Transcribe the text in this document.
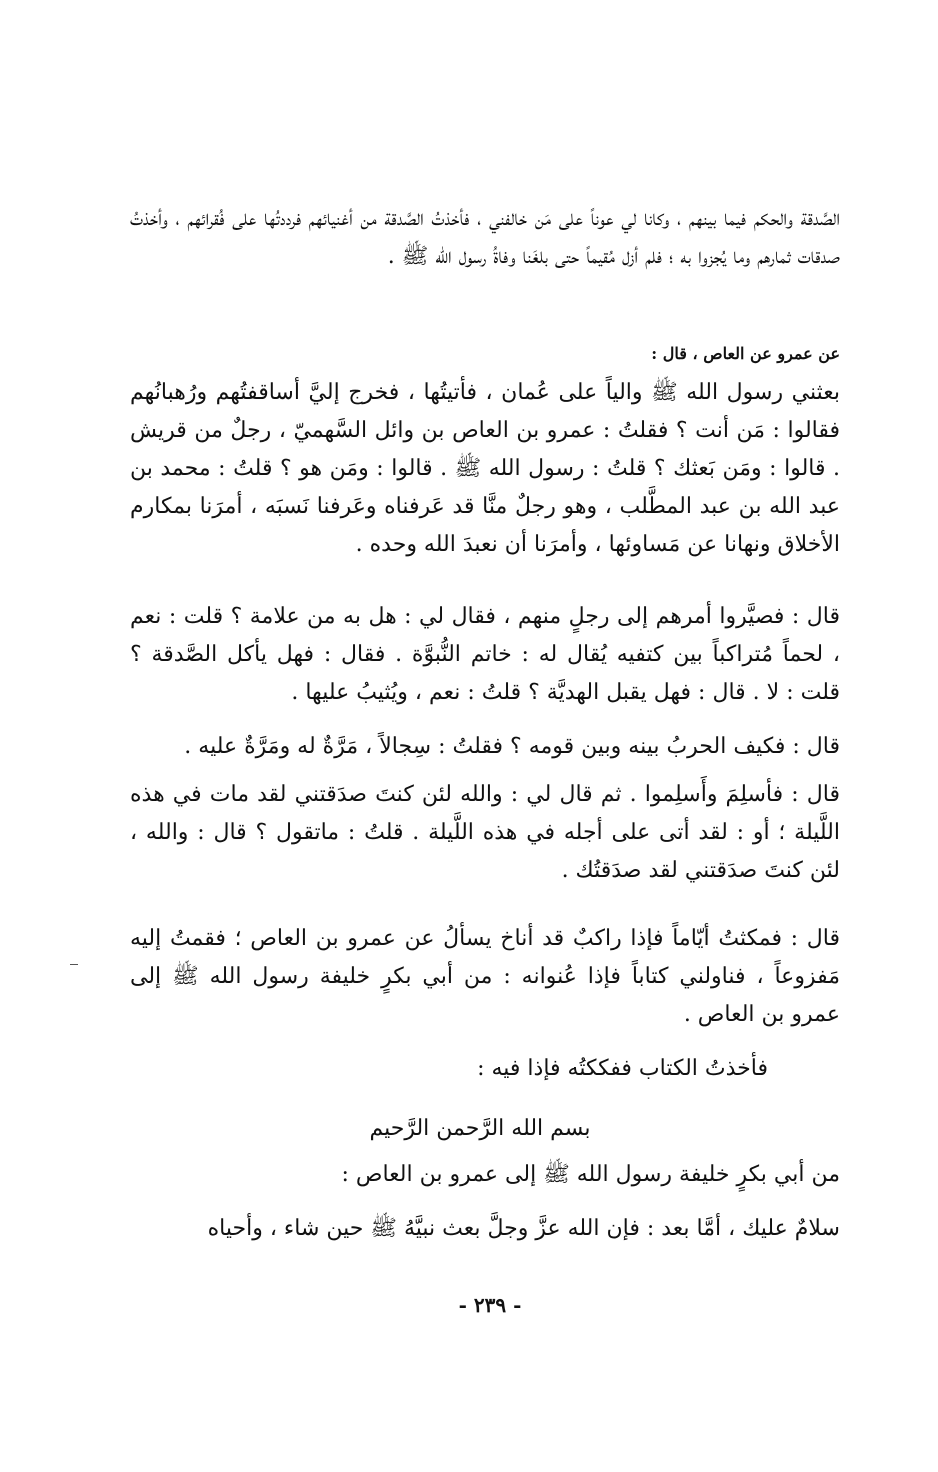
الصَّدقة والحكم فيما بينهم ، وكانا لي عوناً على مَن خالفني ، فأخذتُ الصَّدقة من أغنيائهم فرددتُها على فُقرائهم ، وأخذتُ صدقات ثمارهم وما يُجزوا به ؛ فلم أزل مُقيماً حتى بلغَنا وفاةُ رسول الله ﷺ .
عن عمرو عن العاص ، قال :
بعثني رسول الله ﷺ والياً على عُمان ، فأتيتُها ، فخرج إليَّ أساقفتُهم ورُهبانُهم فقالوا : مَن أنت ؟ فقلتُ : عمرو بن العاص بن وائل السَّهميّ ، رجلٌ من قريش . قالوا : ومَن بَعثك ؟ قلتُ : رسول الله ﷺ . قالوا : ومَن هو ؟ قلتُ : محمد بن عبد الله بن عبد المطَّلب ، وهو رجلٌ منَّا قد عَرفناه وعَرفنا نَسبَه ، أمرَنا بمكارم الأخلاق ونهانا عن مَساوئها ، وأمرَنا أن نعبدَ الله وحده .
قال : فصيَّروا أمرهم إلى رجلٍ منهم ، فقال لي : هل به من علامة ؟ قلت : نعم ، لحماً مُتراكباً بين كتفيه يُقال له : خاتم النُّبوَّة . فقال : فهل يأكل الصَّدقة ؟ قلت : لا . قال : فهل يقبل الهديَّة ؟ قلتُ : نعم ، ويُثيبُ عليها .
قال : فكيف الحربُ بينه وبين قومه ؟ فقلتُ : سِجالاً ، مَرَّةٌ له ومَرَّةٌ عليه .
قال : فأسلِمَ وأَسلِموا . ثم قال لي : والله لئن كنتَ صدَقتني لقد مات في هذه اللَّيلة ؛ أو : لقد أتى على أجله في هذه اللَّيلة . قلتُ : ماتقول ؟ قال : والله ، لئن كنتَ صدَقتني لقد صدَقتُك .
قال : فمكثتُ أيّاماً فإذا راكبٌ قد أناخ يسألُ عن عمرو بن العاص ؛ فقمتُ إليه مَفزوعاً ، فناولني كتاباً فإذا عُنوانه : من أبي بكرٍ خليفة رسول الله ﷺ إلى عمرو بن العاص .
فأخذتُ الكتاب ففككتُه فإذا فيه :
بسم الله الرَّحمن الرَّحيم
من أبي بكرٍ خليفة رسول الله ﷺ إلى عمرو بن العاص :
سلامٌ عليك ، أمَّا بعد : فإن الله عزَّ وجلَّ بعث نبيَّهُ ﷺ حين شاء ، وأحياه
- ٢٣٩ -
